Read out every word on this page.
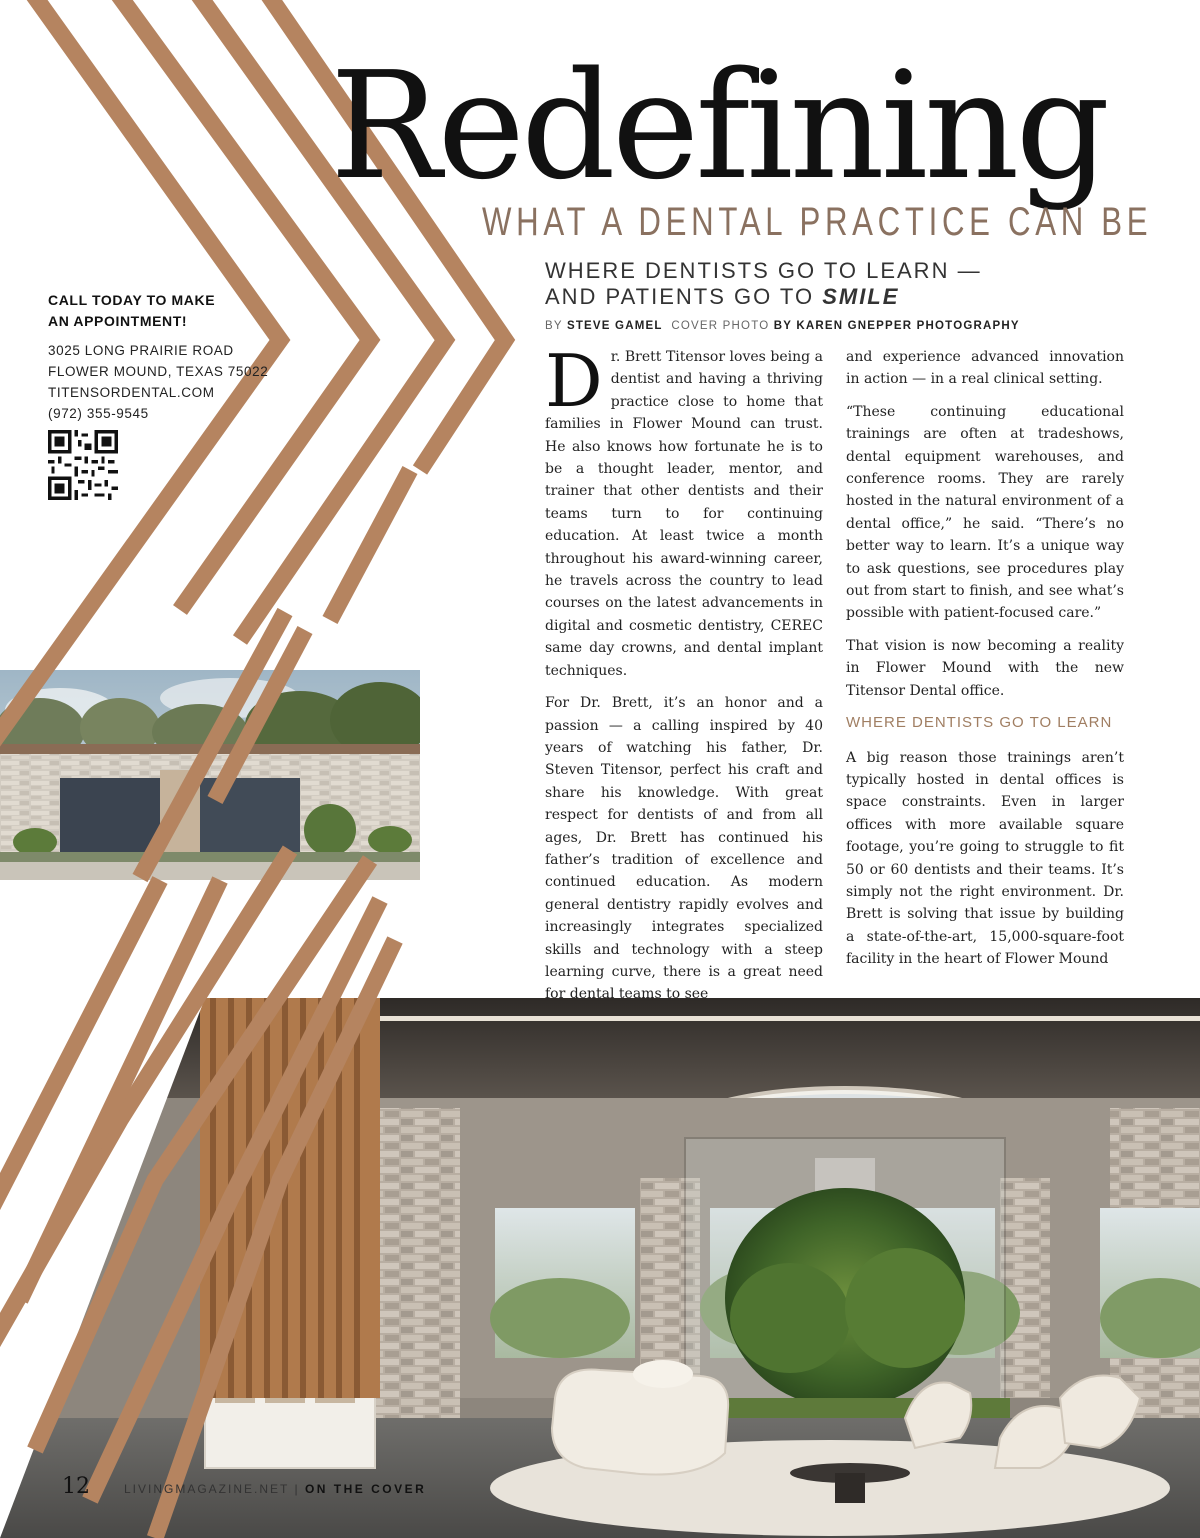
Redefining
WHAT A DENTAL PRACTICE CAN BE
WHERE DENTISTS GO TO LEARN —
AND PATIENTS GO TO SMILE
BY STEVE GAMEL COVER PHOTO BY KAREN GNEPPER PHOTOGRAPHY
CALL TODAY TO MAKE
AN APPOINTMENT!
3025 LONG PRAIRIE ROAD
FLOWER MOUND, TEXAS 75022
TITENSORDENTAL.COM
(972) 355-9545	Dr. Brett Titensor loves being a dentist and having a thriving practice close to home that families in Flower Mound can trust. He also knows how fortunate he is to be a thought leader, mentor, and trainer that other dentists and their teams turn to for continuing education. At least twice a month throughout his award-winning career, he travels across the country to lead courses on the latest advancements in digital and cosmetic dentistry, CEREC same day crowns, and dental implant techniques.

For Dr. Brett, it’s an honor and a passion — a calling inspired by 40 years of watching his father, Dr. Steven Titensor, perfect his craft and share his knowledge. With great respect for dentists of and from all ages, Dr. Brett has continued his father’s tradition of excellence and continued education. As modern general dentistry rapidly evolves and increasingly integrates specialized skills and technology with a steep learning curve, there is a great need for dental teams to see

and experience advanced innovation in action — in a real clinical setting.

“These continuing educational trainings are often at tradeshows, dental equipment warehouses, and conference rooms. They are rarely hosted in the natural environment of a dental office,” he said. “There’s no better way to learn. It’s a unique way to ask questions, see procedures play out from start to finish, and see what’s possible with patient-focused care.”

That vision is now becoming a reality in Flower Mound with the new Titensor Dental office.

WHERE DENTISTS GO TO LEARN

A big reason those trainings aren’t typically hosted in dental offices is space constraints. Even in larger offices with more available square footage, you’re going to struggle to fit 50 or 60 dentists and their teams. It’s simply not the right environment. Dr. Brett is solving that issue by building a state-of-the-art, 15,000-square-foot facility in the heart of Flower Mound

12	LIVINGMAGAZINE.NET | ON THE COVER
